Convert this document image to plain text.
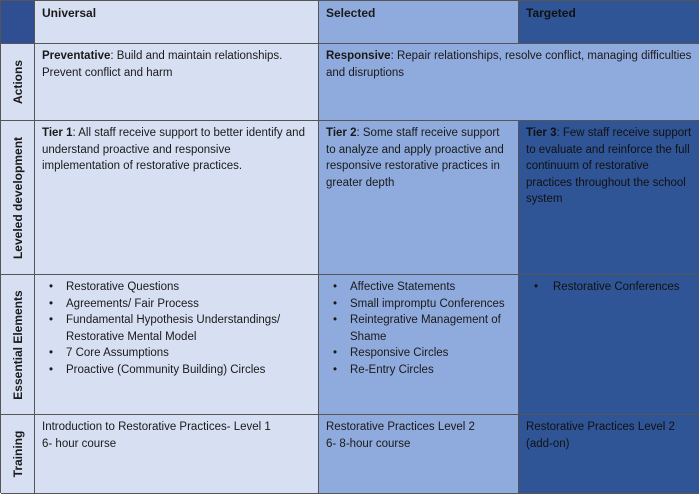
Universal	Selected	Targeted
Actions
Preventative: Build and maintain relationships. Prevent conflict and harm
Responsive: Repair relationships, resolve conflict, managing difficulties and disruptions
Leveled development
Tier 1: All staff receive support to better identify and understand proactive and responsive implementation of restorative practices.
Tier 2: Some staff receive support to analyze and apply proactive and responsive restorative practices in greater depth
Tier 3: Few staff receive support to evaluate and reinforce the full continuum of restorative practices throughout the school system
Essential Elements
• Restorative Questions
• Agreements/ Fair Process
• Fundamental Hypothesis Understandings/ Restorative Mental Model
• 7 Core Assumptions
• Proactive (Community Building) Circles
• Affective Statements
• Small impromptu Conferences
• Reintegrative Management of Shame
• Responsive Circles
• Re-Entry Circles
• Restorative Conferences
Training
Introduction to Restorative Practices- Level 1
6- hour course
Restorative Practices Level 2
6- 8-hour course
Restorative Practices Level 2
(add-on)
